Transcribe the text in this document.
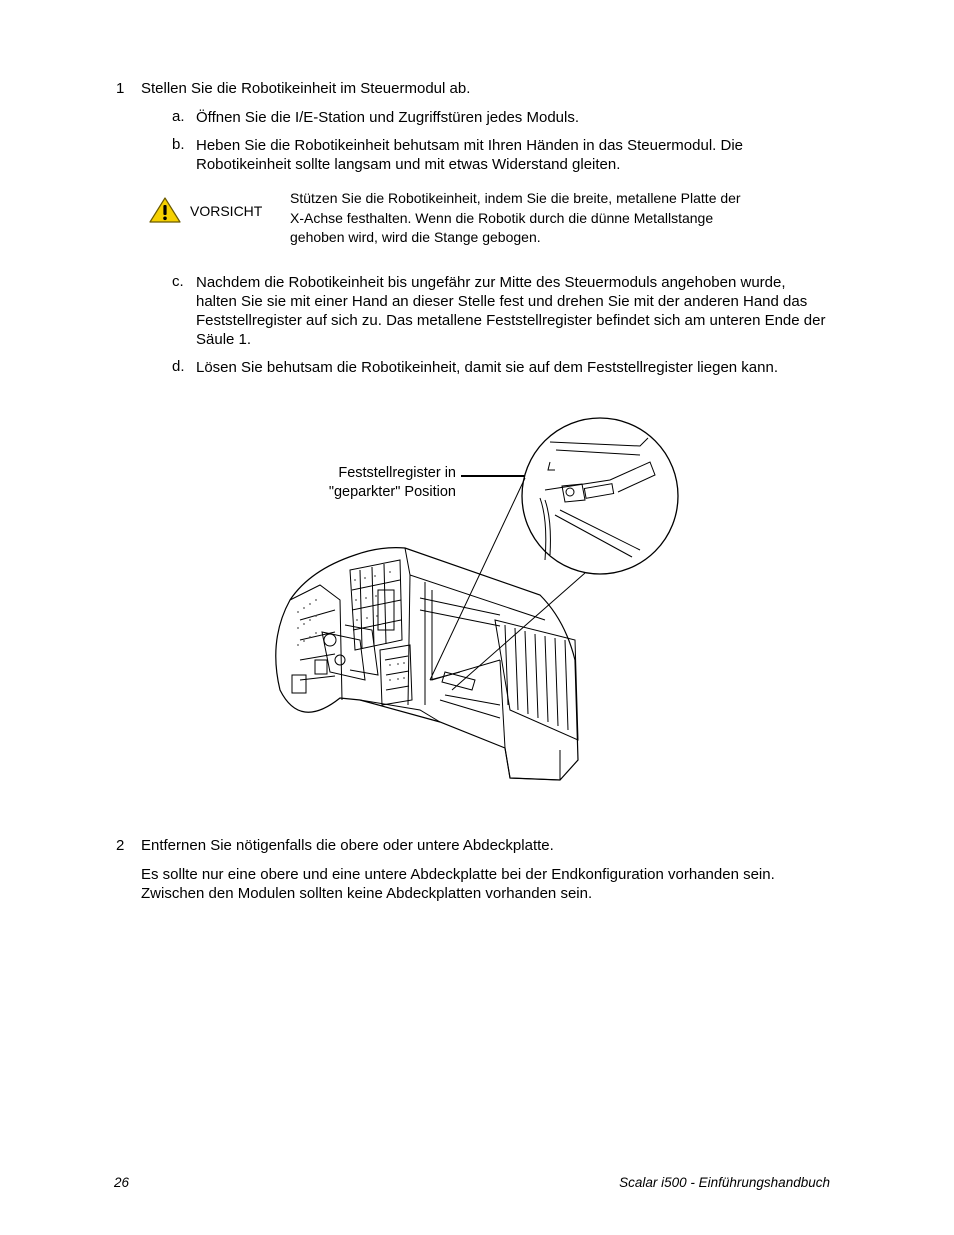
1 Stellen Sie die Robotikeinheit im Steuermodul ab.
a. Öffnen Sie die I/E-Station und Zugriffstüren jedes Moduls.
b. Heben Sie die Robotikeinheit behutsam mit Ihren Händen in das Steuermodul. Die
Robotikeinheit sollte langsam und mit etwas Widerstand gleiten.
VORSICHT
Stützen Sie die Robotikeinheit, indem Sie die breite, metallene Platte der
X-Achse festhalten. Wenn die Robotik durch die dünne Metallstange
gehoben wird, wird die Stange gebogen.
c. Nachdem die Robotikeinheit bis ungefähr zur Mitte des Steuermoduls angehoben wurde,
halten Sie sie mit einer Hand an dieser Stelle fest und drehen Sie mit der anderen Hand das
Feststellregister auf sich zu. Das metallene Feststellregister befindet sich am unteren Ende der
Säule 1.
d. Lösen Sie behutsam die Robotikeinheit, damit sie auf dem Feststellregister liegen kann.
Feststellregister in
"geparkter" Position
2 Entfernen Sie nötigenfalls die obere oder untere Abdeckplatte.
Es sollte nur eine obere und eine untere Abdeckplatte bei der Endkonfiguration vorhanden sein.
Zwischen den Modulen sollten keine Abdeckplatten vorhanden sein.
26	Scalar i500 - Einführungshandbuch
